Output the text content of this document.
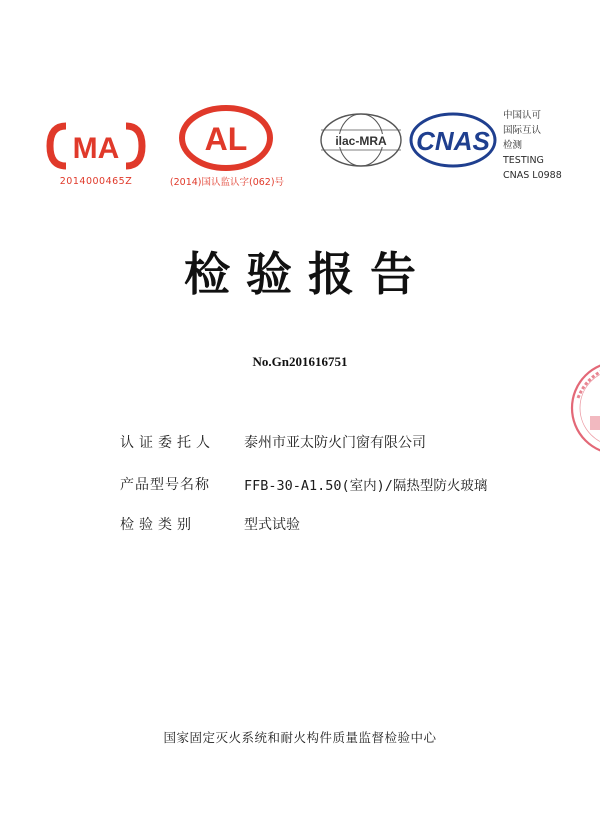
MA
2014000465Z
AL
(2014)国认监认字(062)号
ilac-MRA CNAS
中国认可
国际互认
检测
TESTING
CNAS L0988
检验报告
No.Gn201616751
认证委托人	泰州市亚太防火门窗有限公司
产品型号名称	FFB-30-A1.50(室内)/隔热型防火玻璃
检验类别	型式试验
国家固定灭火系统和耐火构件质量监督检验中心
